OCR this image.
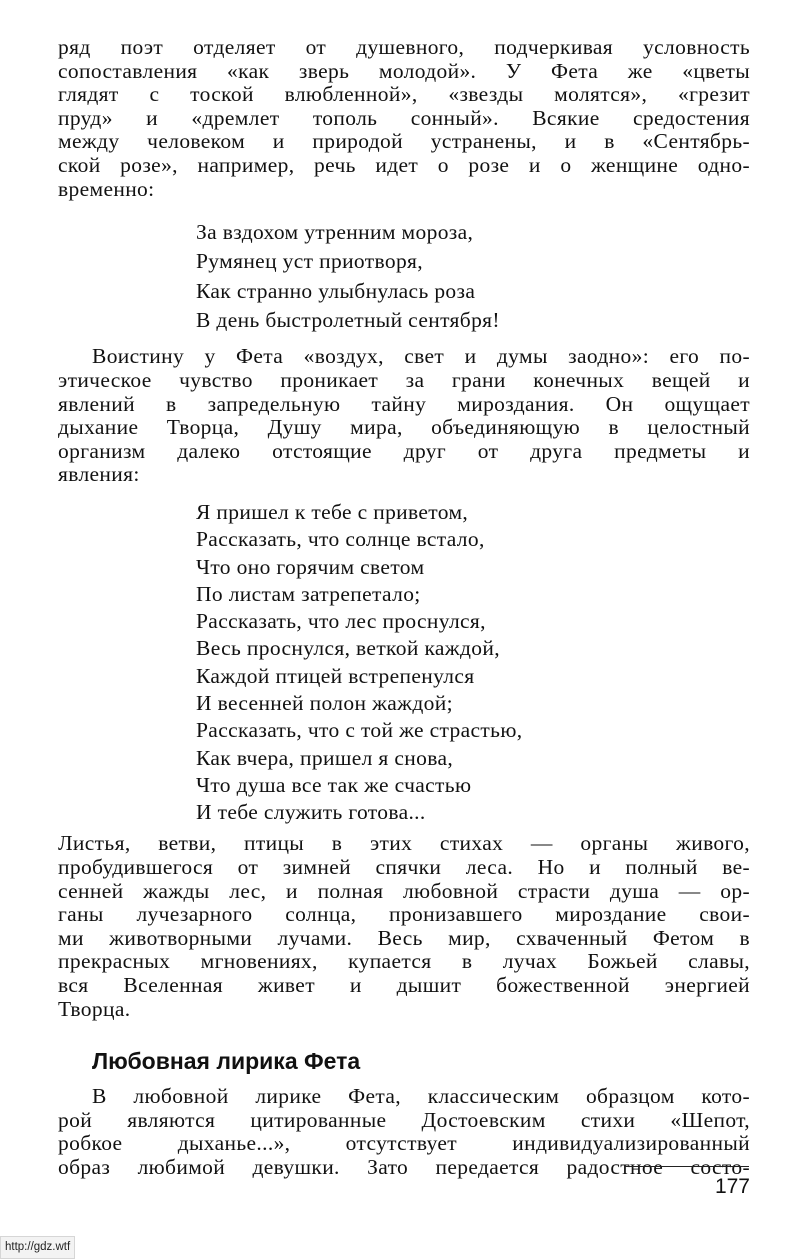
ряд поэт отделяет от душевного, подчеркивая условность
сопоставления «как зверь молодой». У Фета же «цветы
глядят с тоской влюбленной», «звезды молятся», «грезит
пруд» и «дремлет тополь сонный». Всякие средостения
между человеком и природой устранены, и в «Сентябрь-
ской розе», например, речь идет о розе и о женщине одно-
временно:

За вздохом утренним мороза,
Румянец уст приотворя,
Как странно улыбнулась роза
В день быстролетный сентября!

Воистину у Фета «воздух, свет и думы заодно»: его по-
этическое чувство проникает за грани конечных вещей и
явлений в запредельную тайну мироздания. Он ощущает
дыхание Творца, Душу мира, объединяющую в целостный
организм далеко отстоящие друг от друга предметы и
явления:

Я пришел к тебе с приветом,
Рассказать, что солнце встало,
Что оно горячим светом
По листам затрепетало;
Рассказать, что лес проснулся,
Весь проснулся, веткой каждой,
Каждой птицей встрепенулся
И весенней полон жаждой;
Рассказать, что с той же страстью,
Как вчера, пришел я снова,
Что душа все так же счастью
И тебе служить готова...

Листья, ветви, птицы в этих стихах — органы живого,
пробудившегося от зимней спячки леса. Но и полный ве-
сенней жажды лес, и полная любовной страсти душа — ор-
ганы лучезарного солнца, пронизавшего мироздание свои-
ми животворными лучами. Весь мир, схваченный Фетом в
прекрасных мгновениях, купается в лучах Божьей славы,
вся Вселенная живет и дышит божественной энергией
Творца.

Любовная лирика Фета

В любовной лирике Фета, классическим образцом кото-
рой являются цитированные Достоевским стихи «Шепот,
робкое дыханье...», отсутствует индивидуализированный
образ любимой девушки. Зато передается радостное состо-

177
http://gdz.wtf
